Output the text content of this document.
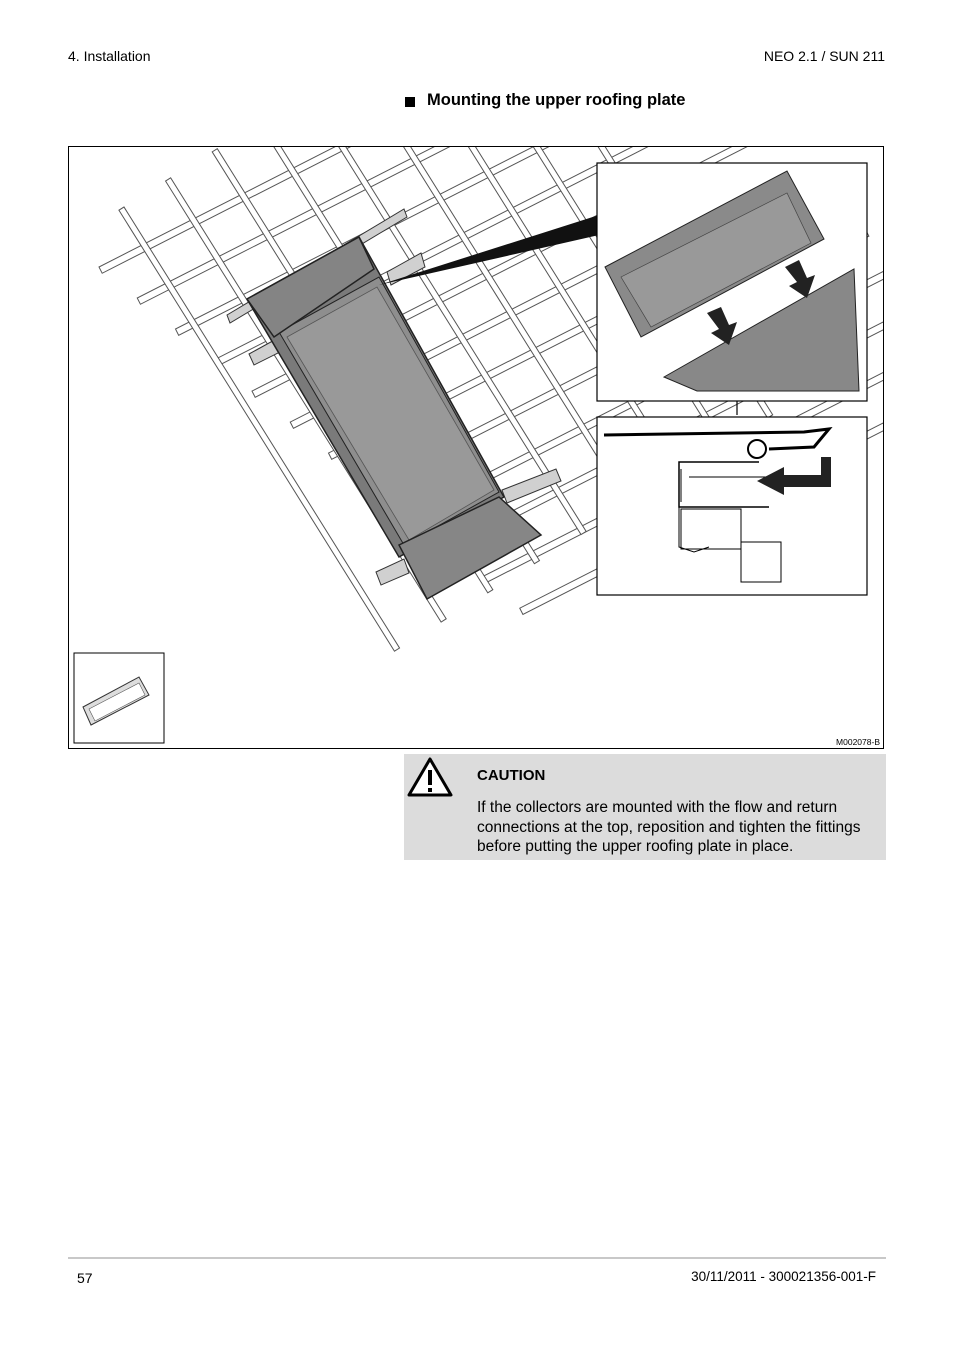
4. Installation	NEO 2.1 / SUN 211
Mounting the upper roofing plate
M002078-B
CAUTION
If the collectors are mounted with the flow and return connections at the top, reposition and tighten the fittings before putting the upper roofing plate in place.
57	30/11/2011 - 300021356-001-F
